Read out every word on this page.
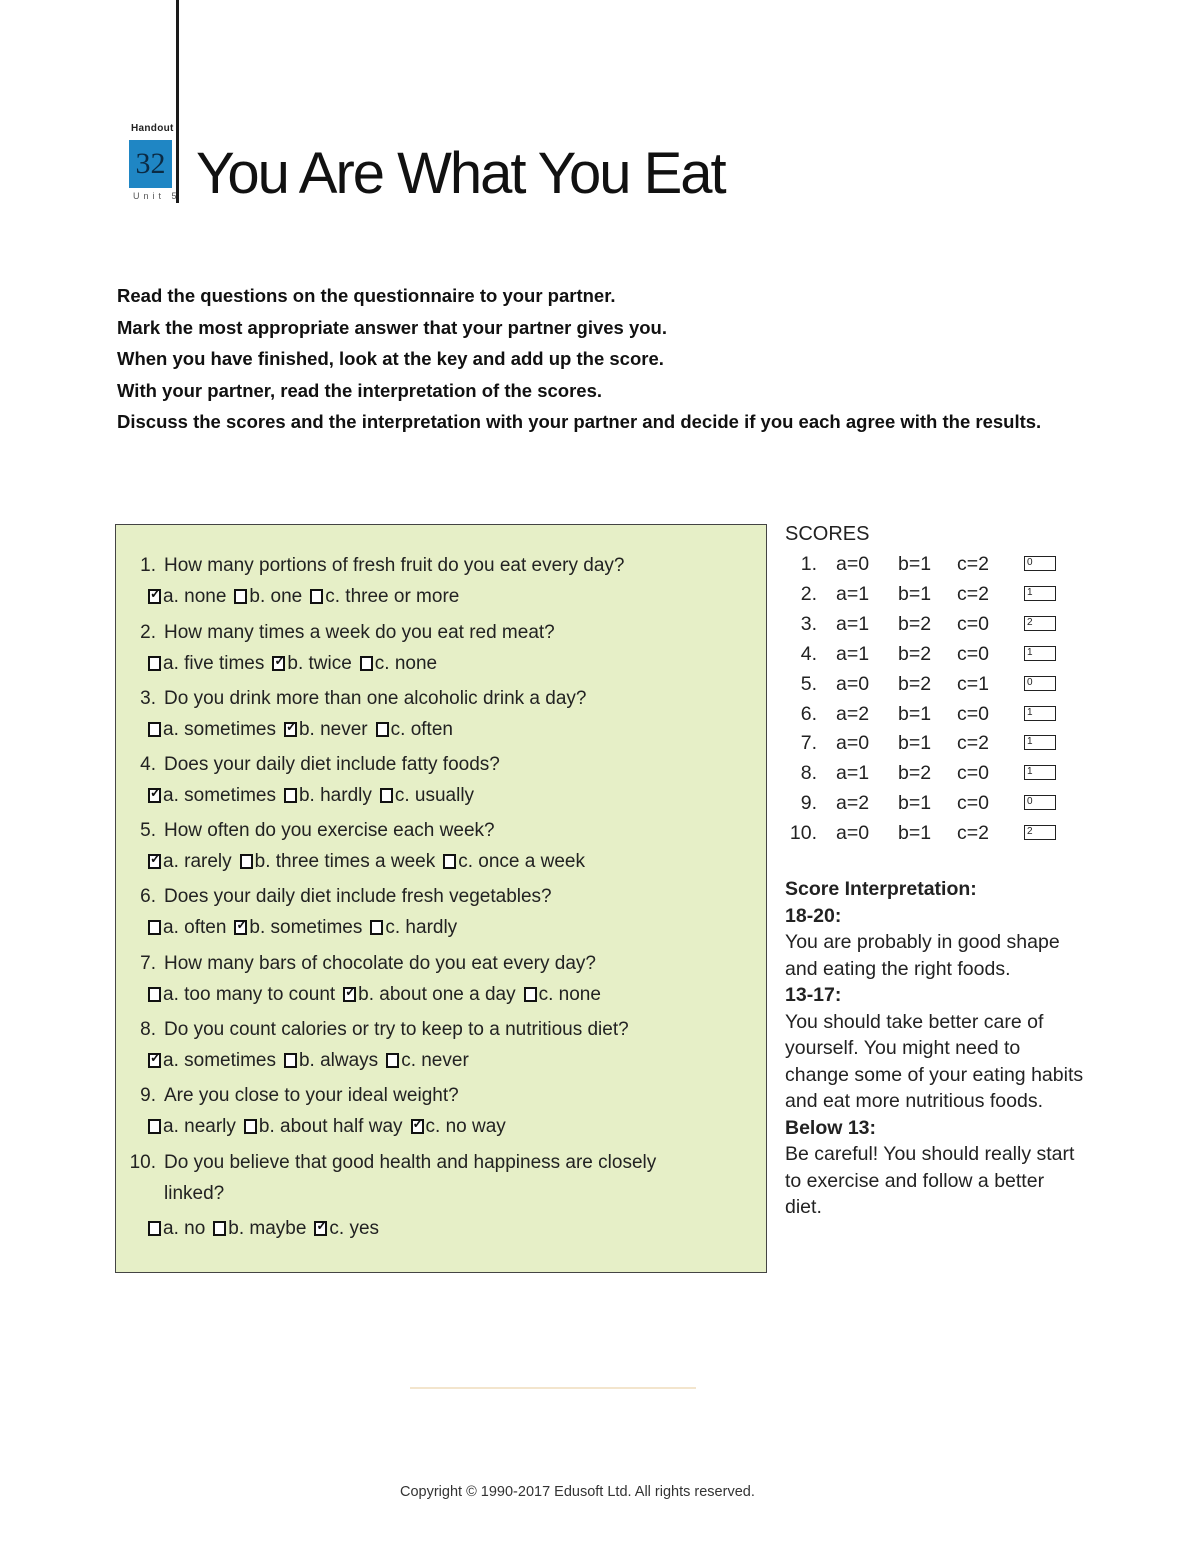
Handout
32
Unit 5 You Are What You Eat

Read the questions on the questionnaire to your partner.

Mark the most appropriate answer that your partner gives you.

When you have finished, look at the key and add up the score.

With your partner, read the interpretation of the scores.

Discuss the scores and the interpretation with your partner and decide if you each agree with the results.

1. How many portions of fresh fruit do you eat every day?
✓a. none b. one c. three or more
2. How many times a week do you eat red meat?
a. five times ✓ b. twice c. none
3. Do you drink more than one alcoholic drink a day?
a. sometimes ✓ b. never c. often
4. Does your daily diet include fatty foods?
✓a. sometimes b. hardly c. usually
5. How often do you exercise each week?
✓a. rarely b. three times a week c. once a week
6. Does your daily diet include fresh vegetables?
a. often ✓ b. sometimes c. hardly
7. How many bars of chocolate do you eat every day?
a. too many to count ✓ b. about one a day c. none
8. Do you count calories or try to keep to a nutritious diet?
✓a. sometimes b. always c. never
9. Are you close to your ideal weight?
a. nearly b. about half way ✓ c. no way
10. Do you believe that good health and happiness are closely
linked?
a. no b. maybe ✓ c. yes
SCORES
1. a=0 b=1 c=2	0
2. a=1 b=1 c=2	1
3. a=1 b=2 c=0	2
4. a=1 b=2 c=0	1
5. a=0 b=2 c=1	0
6. a=2 b=1 c=0	1
7. a=0 b=1 c=2	1
8. a=1 b=2 c=0	1
9. a=2 b=1 c=0	0
10. a=0 b=1 c=2	2
Score Interpretation:
18-20:
You are probably in good shape and eating the right foods.
13-17:
You should take better care of yourself. You might need to change some of your eating habits and eat more nutritious foods.
Below 13:
Be careful! You should really start to exercise and follow a better diet.
Copyright © 1990-2017 Edusoft Ltd. All rights reserved.
